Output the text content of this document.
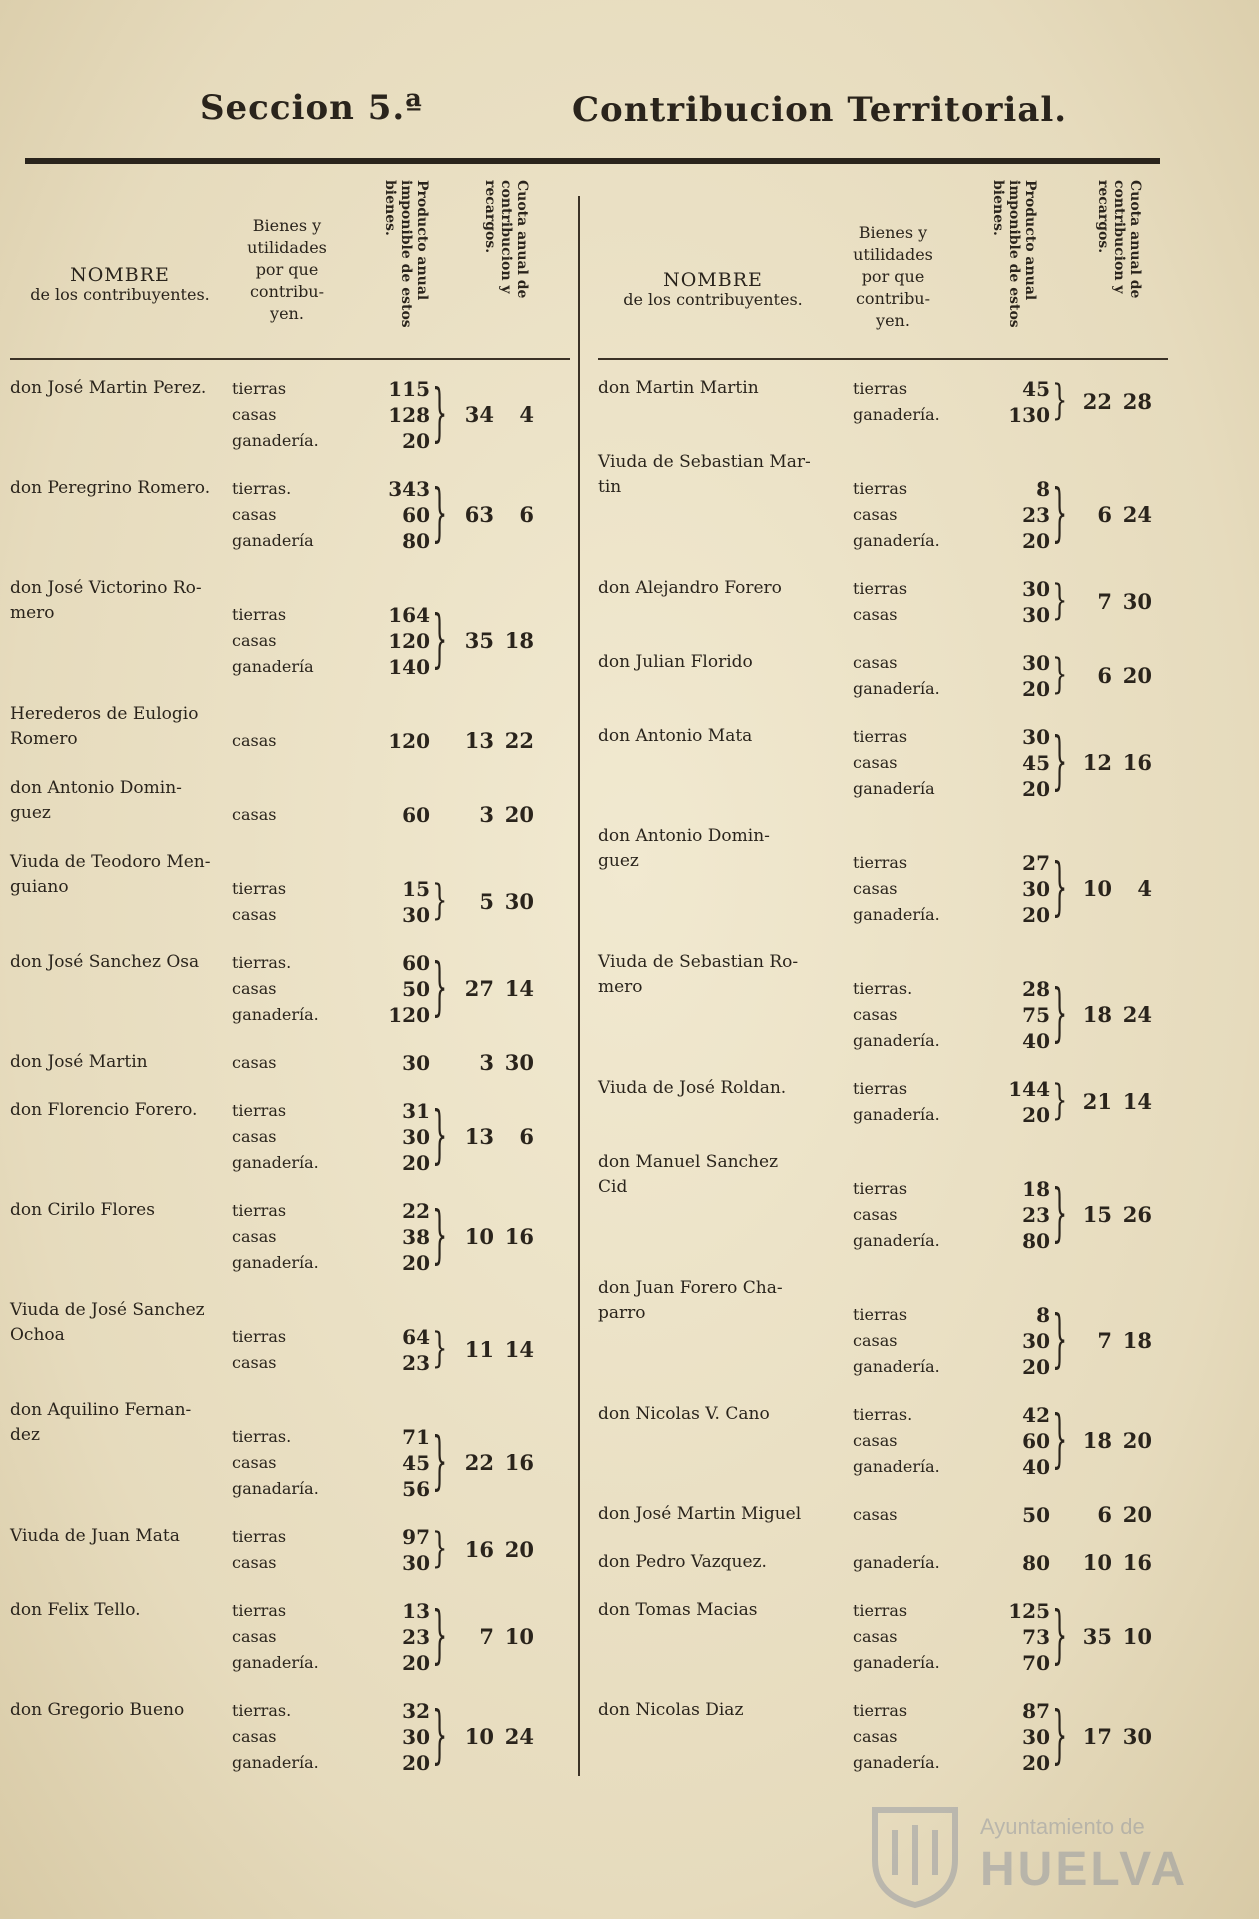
Seccion 5.ª	Contribucion Territorial.
NOMBRE
de los contribuyentes.
Bienes y
utilidades
por que
contribu-
yen.
Producto anual imponible de estos bienes.	Cuota anual de contribucion y recargos.
don José Martin Perez. tierras	115
casas	128
ganadería.	20 } 34	4
don Peregrino Romero. tierras.	343
casas	60
ganadería	80 } 63	6
don José Victorino Ro-
mero	tierras	164
casas	120
ganadería	140 } 35 18
Herederos de Eulogio
Romero	casas	120	13 22
don Antonio Domin-
guez	casas	60	3 20
Viuda de Teodoro Men-
guiano	tierras	15
casas	30 }	5 30
don José Sanchez Osa tierras.	60
casas	50
ganadería.	120 } 27 14
don José Martin	casas	30	3 30
don Florencio Forero. tierras	31
casas	30
ganadería.	20 } 13	6
don Cirilo Flores	tierras	22
casas	38
ganadería.	20 } 10 16
Viuda de José Sanchez
Ochoa	tierras	64
casas	23 } 11 14
don Aquilino Fernan-
dez	tierras.	71
casas	45
ganadaría.	56 } 22 16
Viuda de Juan Mata	tierras	97
casas	30 } 16 20
don Felix Tello.	tierras	13
casas	23
ganadería.	20 }	7 10
don Gregorio Bueno	tierras.	32
casas	30
ganadería.	20 } 10 24
NOMBRE
de los contribuyentes.
Bienes y
utilidades
por que
contribu-
yen.
Producto anual imponible de estos bienes.	Cuota anual de contribucion y recargos.
don Martin Martin	tierras	45
ganadería.	130 } 22 28
Viuda de Sebastian Mar-
tin	tierras	8
casas	23
ganadería.	20 }	6 24
don Alejandro Forero	tierras	30
casas	30 }	7 30
don Julian Florido	casas	30
ganadería.	20 }	6 20
don Antonio Mata	tierras	30
casas	45
ganadería	20 } 12 16
don Antonio Domin-
guez	tierras	27
casas	30
ganadería.	20 } 10	4
Viuda de Sebastian Ro-
mero	tierras.	28
casas	75
ganadería.	40 } 18 24
Viuda de José Roldan.	tierras	144
ganadería.	20 } 21 14
don Manuel Sanchez
Cid	tierras	18
casas	23
ganadería.	80 } 15 26
don Juan Forero Cha-
parro	tierras	8
casas	30
ganadería.	20 }	7 18
don Nicolas V. Cano	tierras.	42
casas	60
ganadería.	40 } 18 20
don José Martin Miguel	casas	50	6 20
don Pedro Vazquez.	ganadería.	80	10 16
don Tomas Macias	tierras	125
casas	73
ganadería.	70 } 35 10
don Nicolas Diaz	tierras	87
casas	30
ganadería.	20 } 17 30
Ayuntamiento de
HUELVA
